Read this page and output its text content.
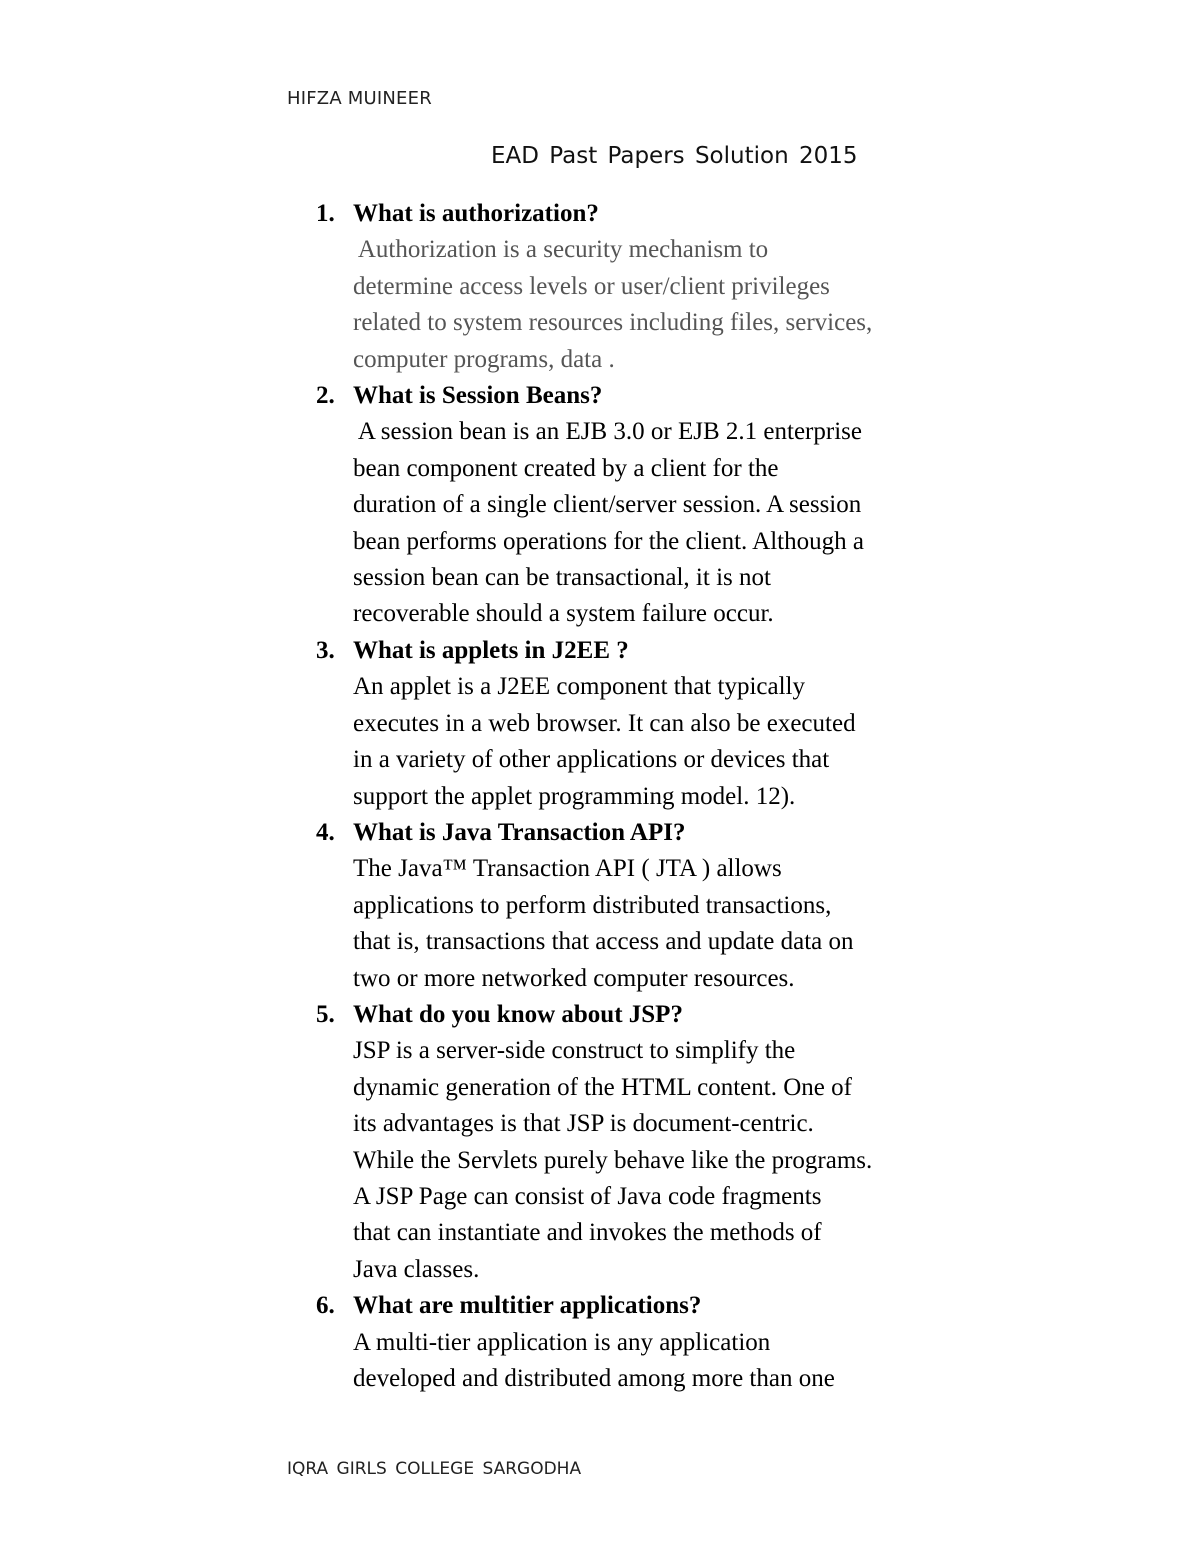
HIFZA MUINEER
EAD Past Papers Solution 2015
1. What is authorization?
Authorization is a security mechanism to
determine access levels or user/client privileges
related to system resources including files, services,
computer programs, data .
2. What is Session Beans?
A session bean is an EJB 3.0 or EJB 2.1 enterprise
bean component created by a client for the
duration of a single client/server session. A session
bean performs operations for the client. Although a
session bean can be transactional, it is not
recoverable should a system failure occur.
3. What is applets in J2EE ?
An applet is a J2EE component that typically
executes in a web browser. It can also be executed
in a variety of other applications or devices that
support the applet programming model. 12).
4. What is Java Transaction API?
The Java™ Transaction API ( JTA ) allows
applications to perform distributed transactions,
that is, transactions that access and update data on
two or more networked computer resources.
5. What do you know about JSP?
JSP is a server-side construct to simplify the
dynamic generation of the HTML content. One of
its advantages is that JSP is document-centric.
While the Servlets purely behave like the programs.
A JSP Page can consist of Java code fragments
that can instantiate and invokes the methods of
Java classes.
6. What are multitier applications?
A multi-tier application is any application
developed and distributed among more than one
IQRA GIRLS COLLEGE SARGODHA
